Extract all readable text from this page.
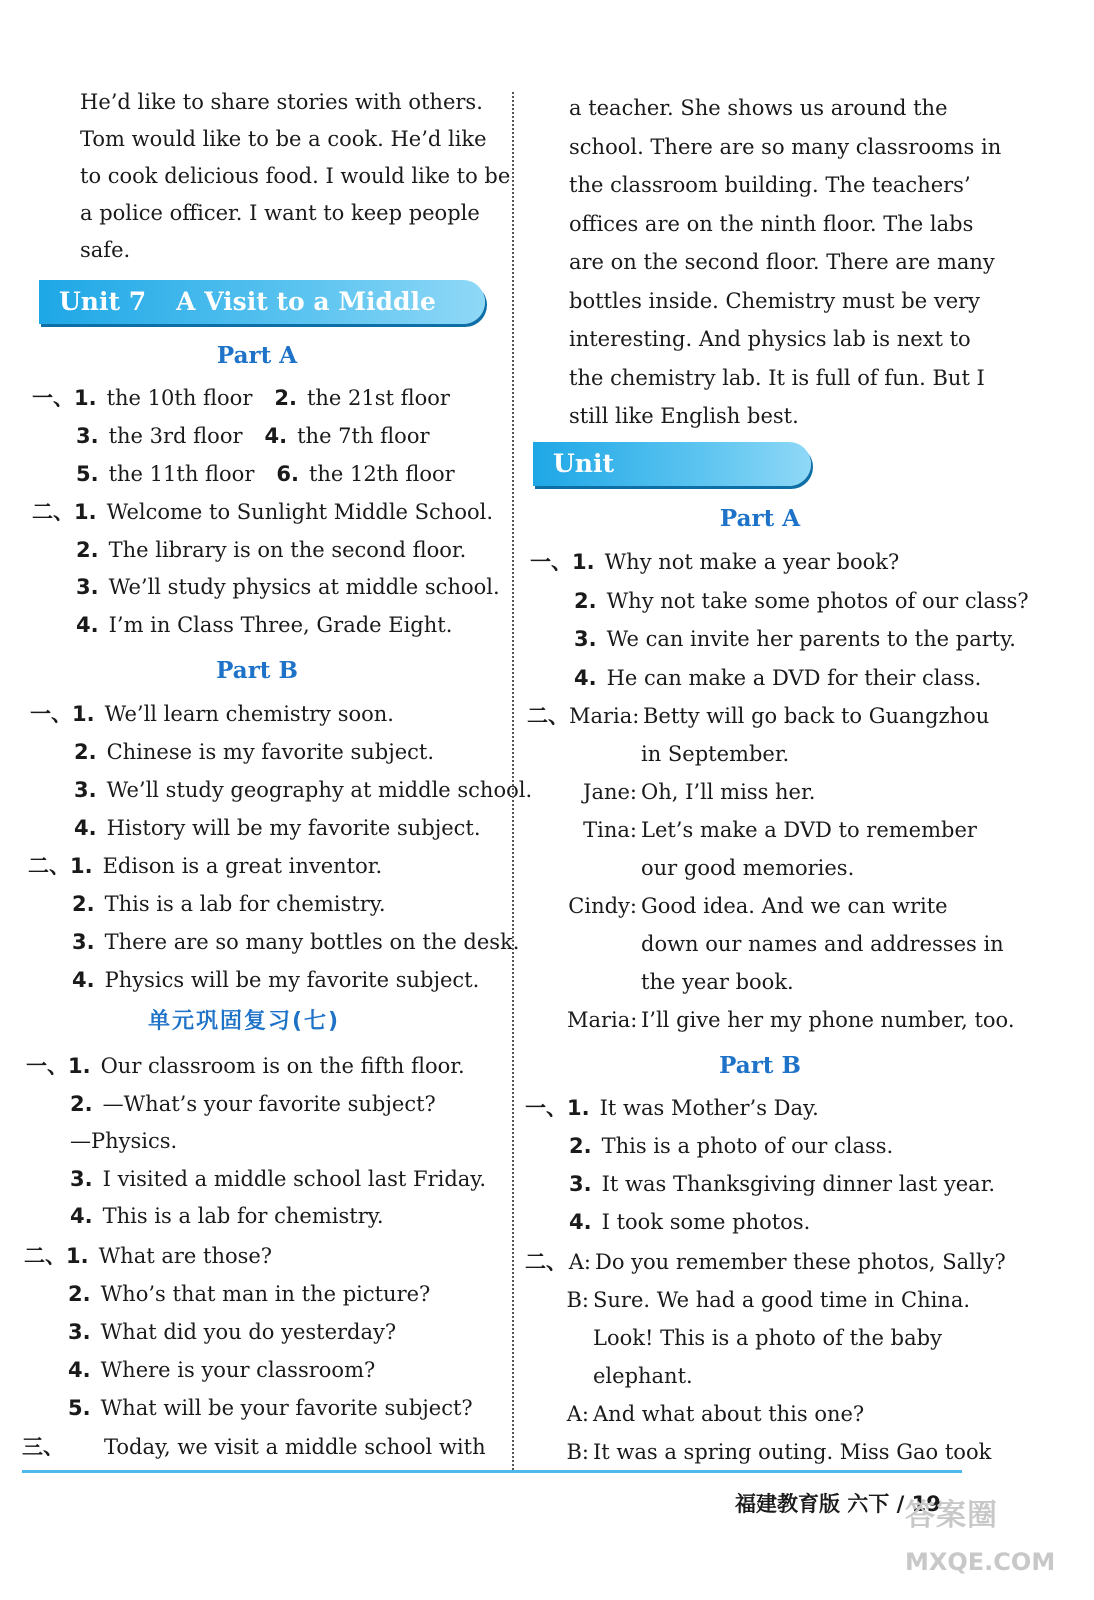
He’d like to share stories with others.
Tom would like to be a cook. He’d like
to cook delicious food. I would like to be
a police officer. I want to keep people
safe.
Unit 7 A Visit to a Middle School	Part A
一、1. the 10th floor 2. the 21st floor
3. the 3rd floor 4. the 7th floor
5. the 11th floor 6. the 12th floor
二、1. Welcome to Sunlight Middle School.
2. The library is on the second floor.
3. We’ll study physics at middle school.
4. I’m in Class Three, Grade Eight.
Part B
一、1. We’ll learn chemistry soon.
2. Chinese is my favorite subject.
3. We’ll study geography at middle school.
4. History will be my favorite subject.
二、1. Edison is a great inventor.
2. This is a lab for chemistry.
3. There are so many bottles on the desk.
4. Physics will be my favorite subject.
单元巩固复习(七)
一、1. Our classroom is on the fifth floor.
2. —What’s your favorite subject?
—Physics.
3. I visited a middle school last Friday.
4. This is a lab for chemistry.
二、1. What are those?
2. Who’s that man in the picture?
3. What did you do yesterday?
4. Where is your classroom?
5. What will be your favorite subject?
三、 Today, we visit a middle school with
a teacher. She shows us around the
school. There are so many classrooms in
the classroom building. The teachers’
offices are on the ninth floor. The labs
are on the second floor. There are many
bottles inside. Chemistry must be very
interesting. And physics lab is next to
the chemistry lab. It is full of fun. But I
still like English best.
Unit 8 Farewell Part A
一、1. Why not make a year book?
2. Why not take some photos of our class?
3. We can invite her parents to the party.
4. He can make a DVD for their class.
二、Maria: Betty will go back to Guangzhou
in September.
Jane: Oh, I’ll miss her.
Tina: Let’s make a DVD to remember
our good memories.
Cindy: Good idea. And we can write
down our names and addresses in
the year book.
Maria: I’ll give her my phone number, too.
Part B
一、1. It was Mother’s Day.
2. This is a photo of our class.
3. It was Thanksgiving dinner last year.
4. I took some photos.
二、A: Do you remember these photos, Sally?
B: Sure. We had a good time in China.
Look! This is a photo of the baby
elephant.
A: And what about this one?
B: It was a spring outing. Miss Gao took
福建教育版 六下 / 19
答案圈
MXQE.COM
